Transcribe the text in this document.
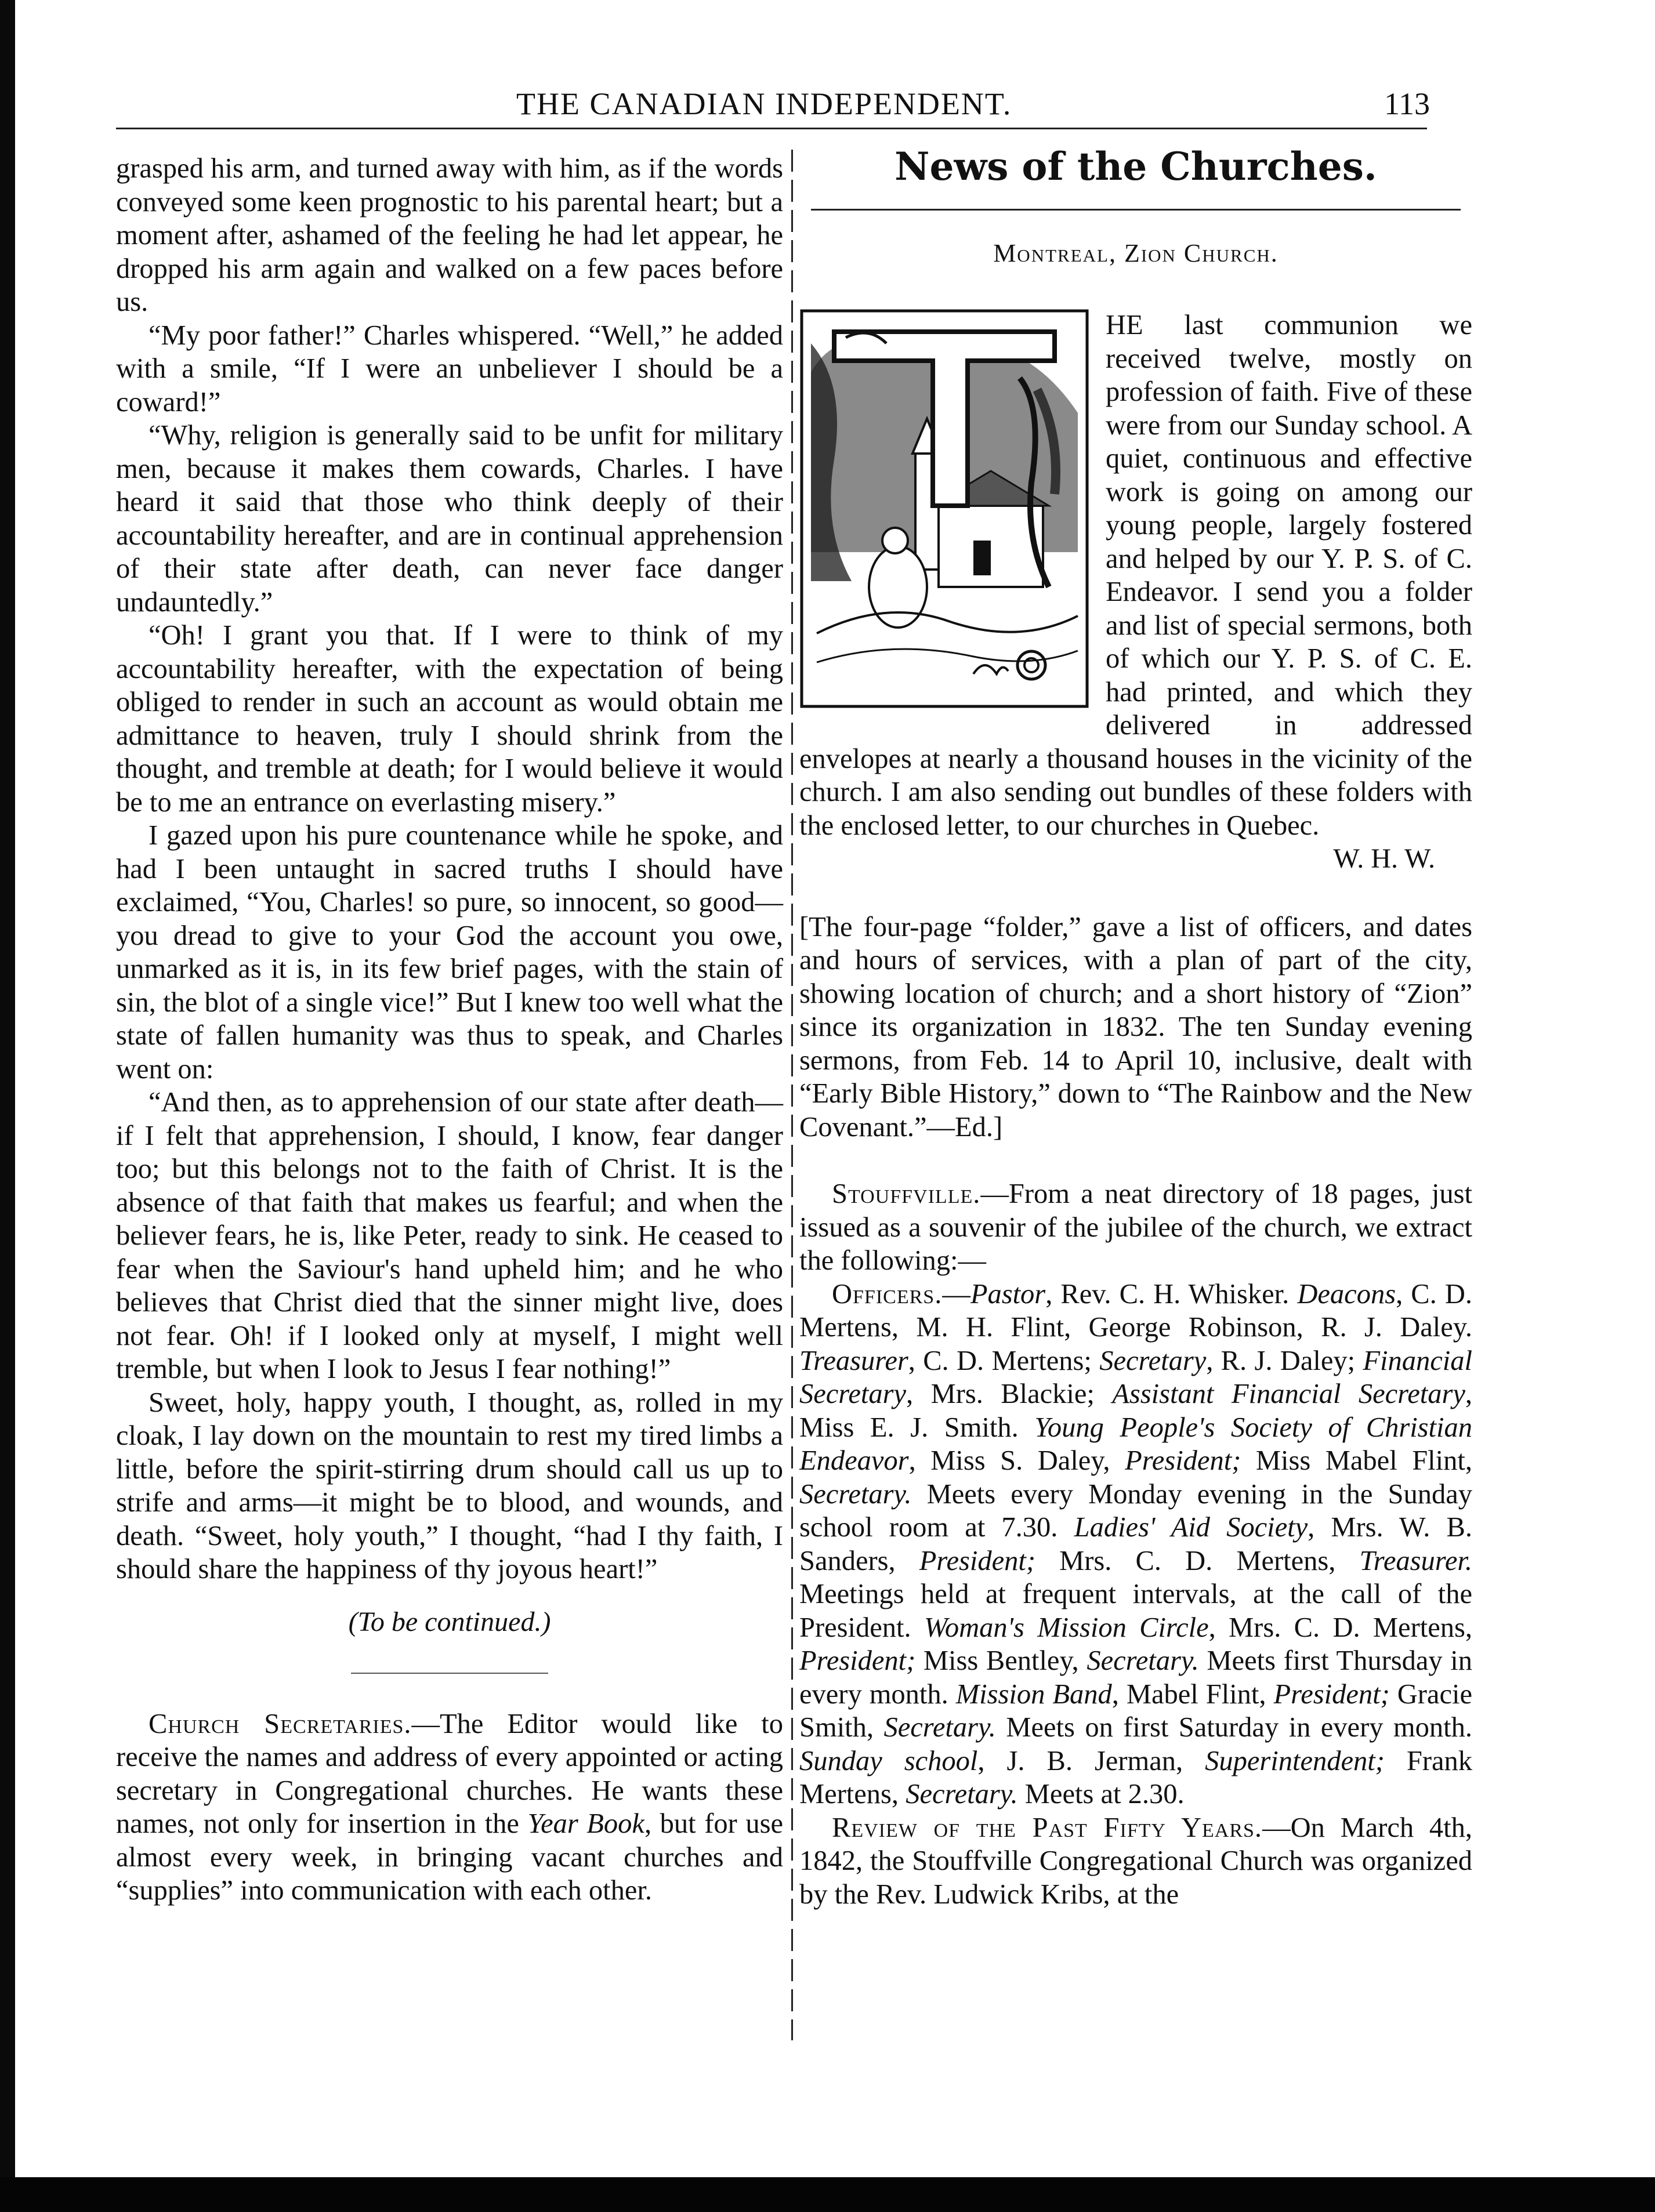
THE CANADIAN INDEPENDENT.	113

grasped his arm, and turned away with him, as if the words conveyed some keen prognostic to his parental heart; but a moment after, ashamed of the feeling he had let appear, he dropped his arm again and walked on a few paces before us.

“My poor father!” Charles whispered. “Well,” he added with a smile, “If I were an unbeliever I should be a coward!”

“Why, religion is generally said to be unfit for military men, because it makes them cowards, Charles. I have heard it said that those who think deeply of their accountability hereafter, and are in continual apprehension of their state after death, can never face danger undauntedly.”

“Oh! I grant you that. If I were to think of my accountability hereafter, with the expectation of being obliged to render in such an account as would obtain me admittance to heaven, truly I should shrink from the thought, and tremble at death; for I would believe it would be to me an entrance on everlasting misery.”

I gazed upon his pure countenance while he spoke, and had I been untaught in sacred truths I should have exclaimed, “You, Charles! so pure, so innocent, so good—you dread to give to your God the account you owe, unmarked as it is, in its few brief pages, with the stain of sin, the blot of a single vice!” But I knew too well what the state of fallen humanity was thus to speak, and Charles went on:

“And then, as to apprehension of our state after death—if I felt that apprehension, I should, I know, fear danger too; but this belongs not to the faith of Christ. It is the absence of that faith that makes us fearful; and when the believer fears, he is, like Peter, ready to sink. He ceased to fear when the Saviour's hand upheld him; and he who believes that Christ died that the sinner might live, does not fear. Oh! if I looked only at myself, I might well tremble, but when I look to Jesus I fear nothing!”

Sweet, holy, happy youth, I thought, as, rolled in my cloak, I lay down on the mountain to rest my tired limbs a little, before the spirit-stirring drum should call us up to strife and arms—it might be to blood, and wounds, and death. “Sweet, holy youth,” I thought, “had I thy faith, I should share the happiness of thy joyous heart!”

(To be continued.)

Church Secretaries.—The Editor would like to receive the names and address of every appointed or acting secretary in Congregational churches. He wants these names, not only for insertion in the Year Book, but for use almost every week, in bringing vacant churches and “supplies” into communication with each other.

News of the Churches.
Montreal, Zion Church.

HE last communion we received twelve, mostly on profession of faith. Five of these were from our Sunday school. A quiet, continuous and effective work is going on among our young people, largely fostered and helped by our Y. P. S. of C. Endeavor. I send you a folder and list of special sermons, both of which our Y. P. S. of C. E. had printed, and which they delivered in addressed envelopes at nearly a thousand houses in the vicinity of the church. I am also sending out bundles of these folders with the enclosed letter, to our churches in Quebec.

W. H. W.

[The four-page “folder,” gave a list of officers, and dates and hours of services, with a plan of part of the city, showing location of church; and a short history of “Zion” since its organization in 1832. The ten Sunday evening sermons, from Feb. 14 to April 10, inclusive, dealt with “Early Bible History,” down to “The Rainbow and the New Covenant.”—Ed.]

Stouffville.—From a neat directory of 18 pages, just issued as a souvenir of the jubilee of the church, we extract the following:—

Officers.—Pastor, Rev. C. H. Whisker. Deacons, C. D. Mertens, M. H. Flint, George Robinson, R. J. Daley. Treasurer, C. D. Mertens; Secretary, R. J. Daley; Financial Secretary, Mrs. Blackie; Assistant Financial Secretary, Miss E. J. Smith. Young People's Society of Christian Endeavor, Miss S. Daley, President; Miss Mabel Flint, Secretary. Meets every Monday evening in the Sunday school room at 7.30. Ladies' Aid Society, Mrs. W. B. Sanders, President; Mrs. C. D. Mertens, Treasurer. Meetings held at frequent intervals, at the call of the President. Woman's Mission Circle, Mrs. C. D. Mertens, President; Miss Bentley, Secretary. Meets first Thursday in every month. Mission Band, Mabel Flint, President; Gracie Smith, Secretary. Meets on first Saturday in every month. Sunday school, J. B. Jerman, Superintendent; Frank Mertens, Secretary. Meets at 2.30.

Review of the Past Fifty Years.—On March 4th, 1842, the Stouffville Congregational Church was organized by the Rev. Ludwick Kribs, at the
